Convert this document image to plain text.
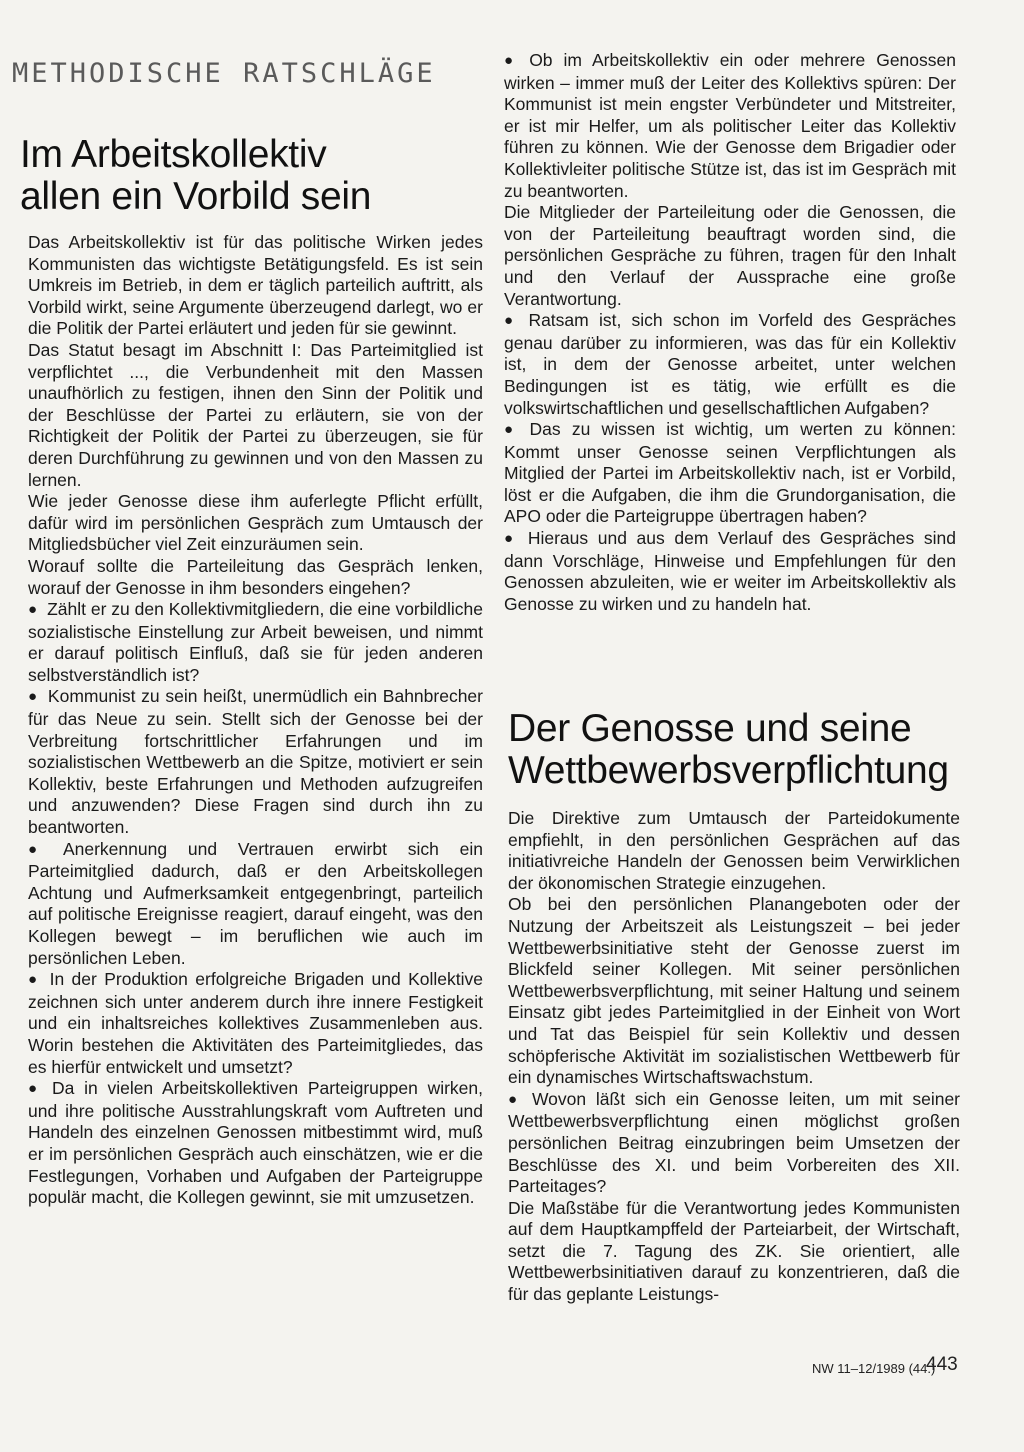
METHODISCHE RATSCHLÄGE
Im Arbeitskollektiv
allen ein Vorbild sein

Das Arbeitskollektiv ist für das politische Wirken jedes Kommunisten das wichtigste Betätigungsfeld. Es ist sein Umkreis im Betrieb, in dem er täglich parteilich auftritt, als Vorbild wirkt, seine Argumente überzeugend darlegt, wo er die Politik der Partei erläutert und jeden für sie gewinnt.

Das Statut besagt im Abschnitt I: Das Parteimitglied ist verpflichtet ..., die Verbundenheit mit den Massen unaufhörlich zu festigen, ihnen den Sinn der Politik und der Beschlüsse der Partei zu erläutern, sie von der Richtigkeit der Politik der Partei zu überzeugen, sie für deren Durchführung zu gewinnen und von den Massen zu lernen.

Wie jeder Genosse diese ihm auferlegte Pflicht erfüllt, dafür wird im persönlichen Gespräch zum Umtausch der Mitgliedsbücher viel Zeit einzuräumen sein.

Worauf sollte die Parteileitung das Gespräch lenken, worauf der Genosse in ihm besonders eingehen?

● Zählt er zu den Kollektivmitgliedern, die eine vorbildliche sozialistische Einstellung zur Arbeit beweisen, und nimmt er darauf politisch Einfluß, daß sie für jeden anderen selbstverständlich ist?

● Kommunist zu sein heißt, unermüdlich ein Bahnbrecher für das Neue zu sein. Stellt sich der Genosse bei der Verbreitung fortschrittlicher Erfahrungen und im sozialistischen Wettbewerb an die Spitze, motiviert er sein Kollektiv, beste Erfahrungen und Methoden aufzugreifen und anzuwenden? Diese Fragen sind durch ihn zu beantworten.

● Anerkennung und Vertrauen erwirbt sich ein Parteimitglied dadurch, daß er den Arbeitskollegen Achtung und Aufmerksamkeit entgegenbringt, parteilich auf politische Ereignisse reagiert, darauf eingeht, was den Kollegen bewegt – im beruflichen wie auch im persönlichen Leben.

● In der Produktion erfolgreiche Brigaden und Kollektive zeichnen sich unter anderem durch ihre innere Festigkeit und ein inhaltsreiches kollektives Zusammenleben aus. Worin bestehen die Aktivitäten des Parteimitgliedes, das es hierfür entwickelt und umsetzt?

● Da in vielen Arbeitskollektiven Parteigruppen wirken, und ihre politische Ausstrahlungskraft vom Auftreten und Handeln des einzelnen Genossen mitbestimmt wird, muß er im persönlichen Gespräch auch einschätzen, wie er die Festlegungen, Vorhaben und Aufgaben der Parteigruppe populär macht, die Kollegen gewinnt, sie mit umzusetzen.

● Ob im Arbeitskollektiv ein oder mehrere Genossen wirken – immer muß der Leiter des Kollektivs spüren: Der Kommunist ist mein engster Verbündeter und Mitstreiter, er ist mir Helfer, um als politischer Leiter das Kollektiv führen zu können. Wie der Genosse dem Brigadier oder Kollektivleiter politische Stütze ist, das ist im Gespräch mit zu beantworten.

Die Mitglieder der Parteileitung oder die Genossen, die von der Parteileitung beauftragt worden sind, die persönlichen Gespräche zu führen, tragen für den Inhalt und den Verlauf der Aussprache eine große Verantwortung.

● Ratsam ist, sich schon im Vorfeld des Gespräches genau darüber zu informieren, was das für ein Kollektiv ist, in dem der Genosse arbeitet, unter welchen Bedingungen ist es tätig, wie erfüllt es die volkswirtschaftlichen und gesellschaftlichen Aufgaben?

● Das zu wissen ist wichtig, um werten zu können: Kommt unser Genosse seinen Verpflichtungen als Mitglied der Partei im Arbeitskollektiv nach, ist er Vorbild, löst er die Aufgaben, die ihm die Grundorganisation, die APO oder die Parteigruppe übertragen haben?

● Hieraus und aus dem Verlauf des Gespräches sind dann Vorschläge, Hinweise und Empfehlungen für den Genossen abzuleiten, wie er weiter im Arbeitskollektiv als Genosse zu wirken und zu handeln hat.

Der Genosse und seine
Wettbewerbsverpflichtung

Die Direktive zum Umtausch der Parteidokumente empfiehlt, in den persönlichen Gesprächen auf das initiativreiche Handeln der Genossen beim Verwirklichen der ökonomischen Strategie einzugehen.

Ob bei den persönlichen Planangeboten oder der Nutzung der Arbeitszeit als Leistungszeit – bei jeder Wettbewerbsinitiative steht der Genosse zuerst im Blickfeld seiner Kollegen. Mit seiner persönlichen Wettbewerbsverpflichtung, mit seiner Haltung und seinem Einsatz gibt jedes Parteimitglied in der Einheit von Wort und Tat das Beispiel für sein Kollektiv und dessen schöpferische Aktivität im sozialistischen Wettbewerb für ein dynamisches Wirtschaftswachstum.

● Wovon läßt sich ein Genosse leiten, um mit seiner Wettbewerbsverpflichtung einen möglichst großen persönlichen Beitrag einzubringen beim Umsetzen der Beschlüsse des XI. und beim Vorbereiten des XII. Parteitages?

Die Maßstäbe für die Verantwortung jedes Kommunisten auf dem Hauptkampffeld der Parteiarbeit, der Wirtschaft, setzt die 7. Tagung des ZK. Sie orientiert, alle Wettbewerbsinitiativen darauf zu konzentrieren, daß die für das geplante Leistungs-

NW 11–12/1989 (44.)
443
